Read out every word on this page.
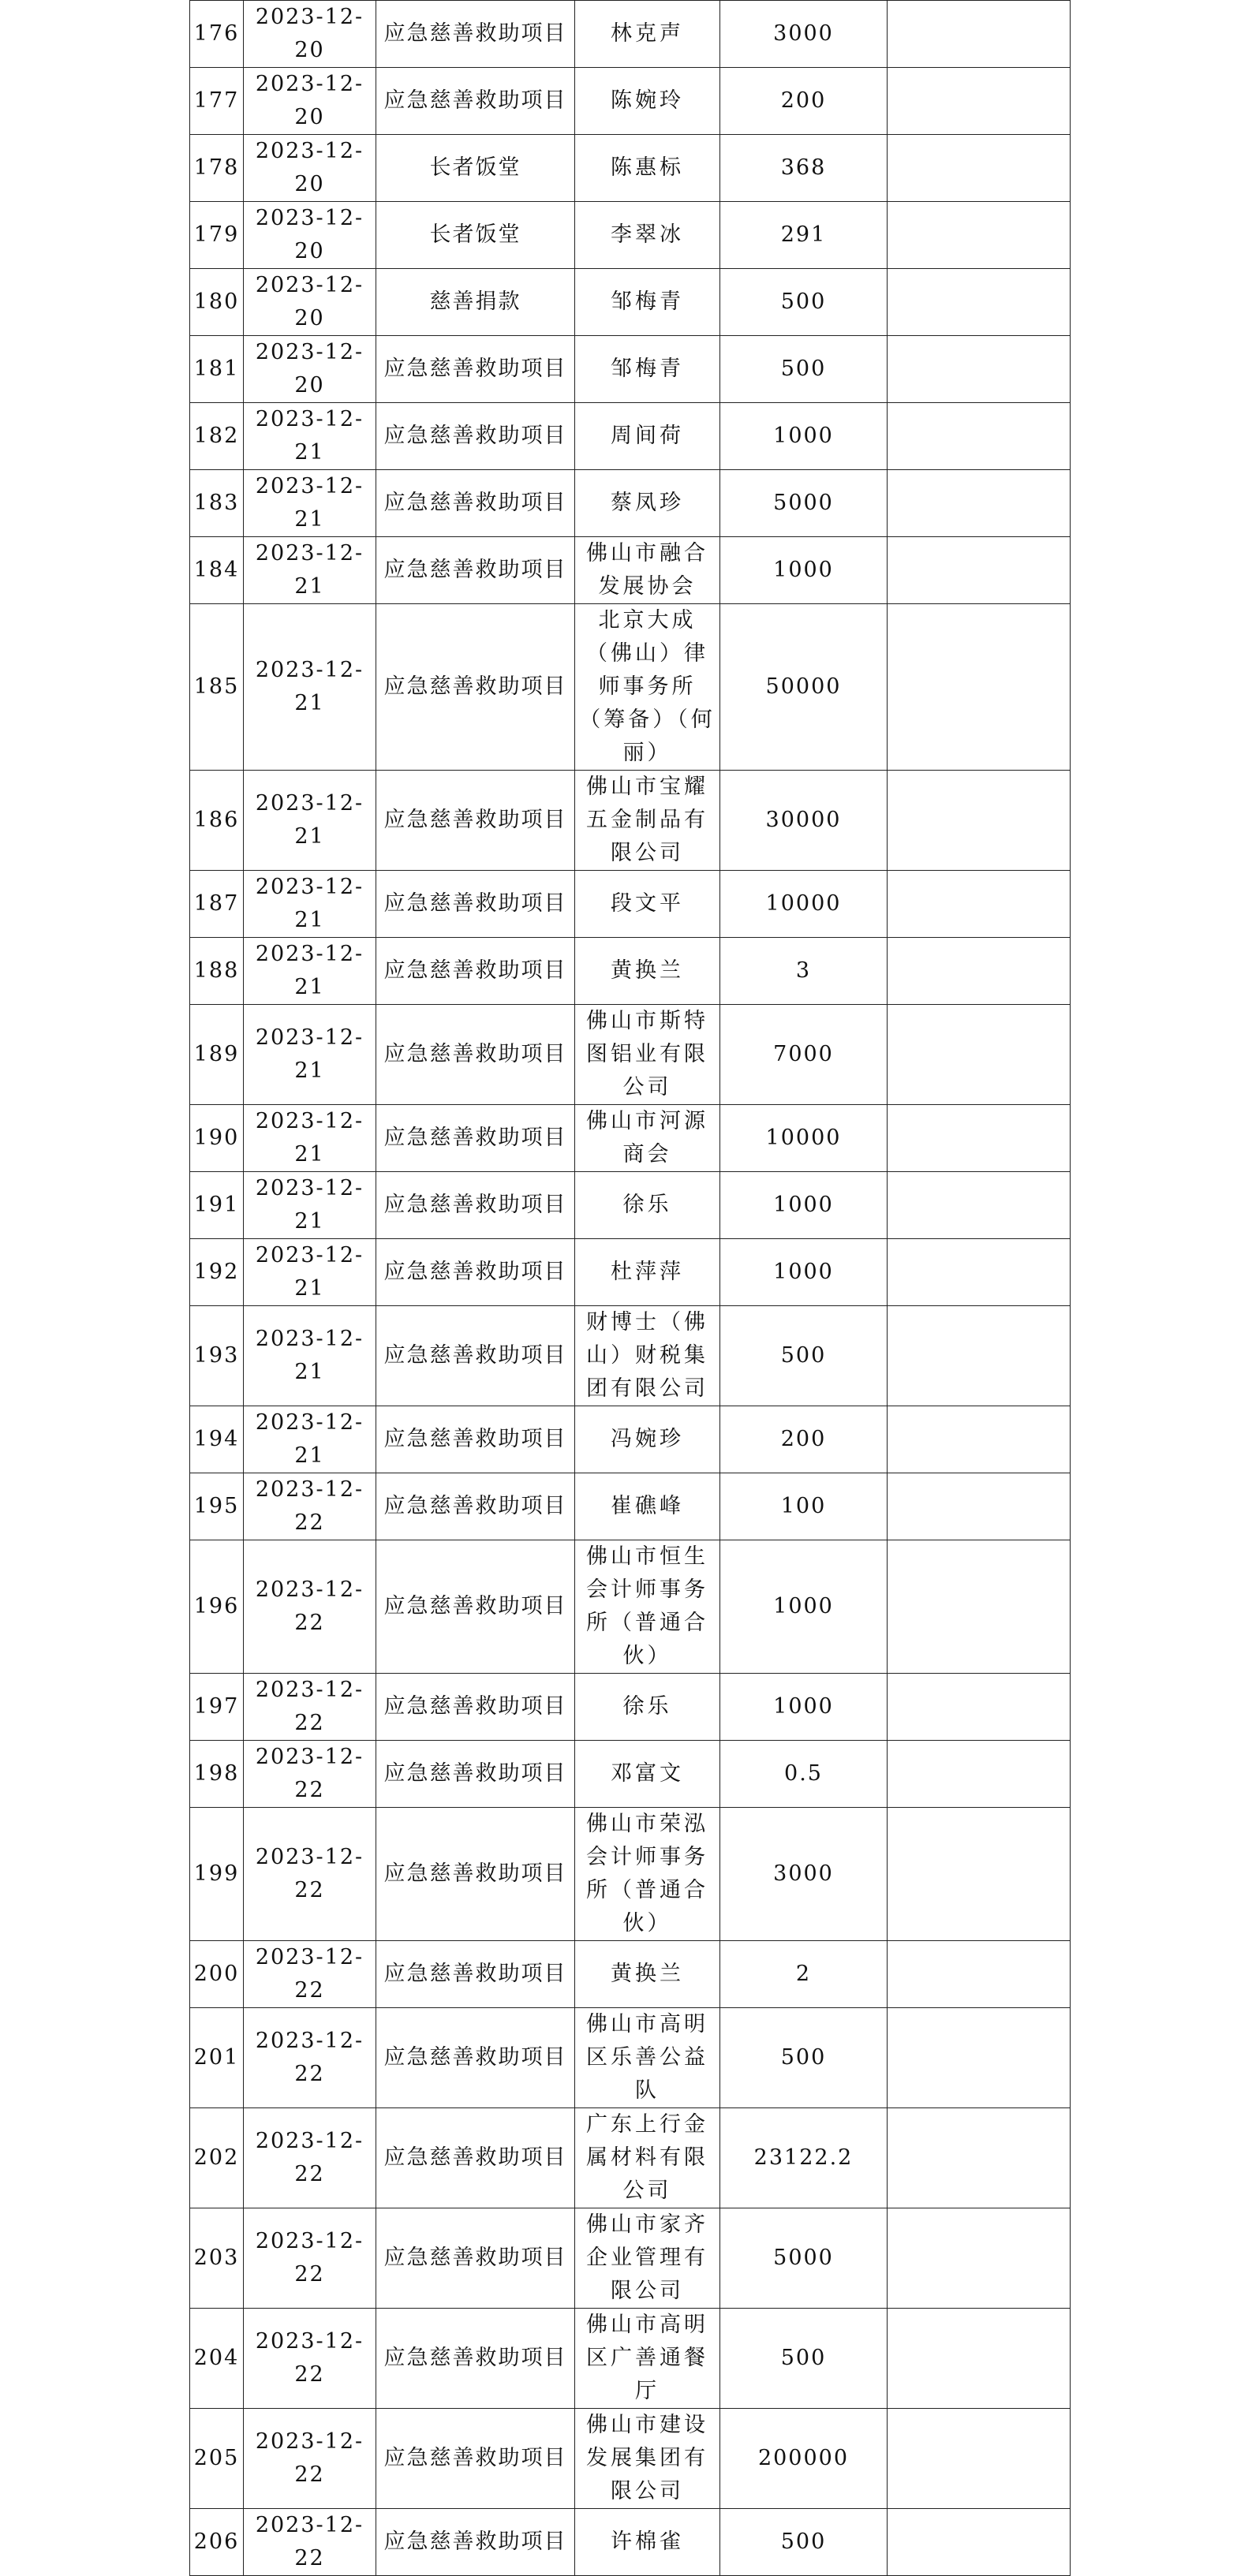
176	2023-12-20	应急慈善救助项目	林克声	3000	
177	2023-12-20	应急慈善救助项目	陈婉玲	200	
178	2023-12-20	长者饭堂	陈惠标	368	
179	2023-12-20	长者饭堂	李翠冰	291	
180	2023-12-20	慈善捐款	邹梅青	500	
181	2023-12-20	应急慈善救助项目	邹梅青	500	
182	2023-12-21	应急慈善救助项目	周间荷	1000	
183	2023-12-21	应急慈善救助项目	蔡凤珍	5000	
184	2023-12-21	应急慈善救助项目	佛山市融合发展协会	1000	
185	2023-12-21	应急慈善救助项目	北京大成（佛山）律师事务所（筹备）（何丽）	50000	
186	2023-12-21	应急慈善救助项目	佛山市宝耀五金制品有限公司	30000	
187	2023-12-21	应急慈善救助项目	段文平	10000	
188	2023-12-21	应急慈善救助项目	黄换兰	3	
189	2023-12-21	应急慈善救助项目	佛山市斯特图铝业有限公司	7000	
190	2023-12-21	应急慈善救助项目	佛山市河源商会	10000	
191	2023-12-21	应急慈善救助项目	徐乐	1000	
192	2023-12-21	应急慈善救助项目	杜萍萍	1000	
193	2023-12-21	应急慈善救助项目	财博士（佛山）财税集团有限公司	500	
194	2023-12-21	应急慈善救助项目	冯婉珍	200	
195	2023-12-22	应急慈善救助项目	崔礁峰	100	
196	2023-12-22	应急慈善救助项目	佛山市恒生会计师事务所（普通合伙）	1000	
197	2023-12-22	应急慈善救助项目	徐乐	1000	
198	2023-12-22	应急慈善救助项目	邓富文	0.5	
199	2023-12-22	应急慈善救助项目	佛山市荣泓会计师事务所（普通合伙）	3000	
200	2023-12-22	应急慈善救助项目	黄换兰	2	
201	2023-12-22	应急慈善救助项目	佛山市高明区乐善公益队	500	
202	2023-12-22	应急慈善救助项目	广东上行金属材料有限公司	23122.2	
203	2023-12-22	应急慈善救助项目	佛山市家齐企业管理有限公司	5000	
204	2023-12-22	应急慈善救助项目	佛山市高明区广善通餐厅	500	
205	2023-12-22	应急慈善救助项目	佛山市建设发展集团有限公司	200000	
206	2023-12-22	应急慈善救助项目	许棉雀	500	
